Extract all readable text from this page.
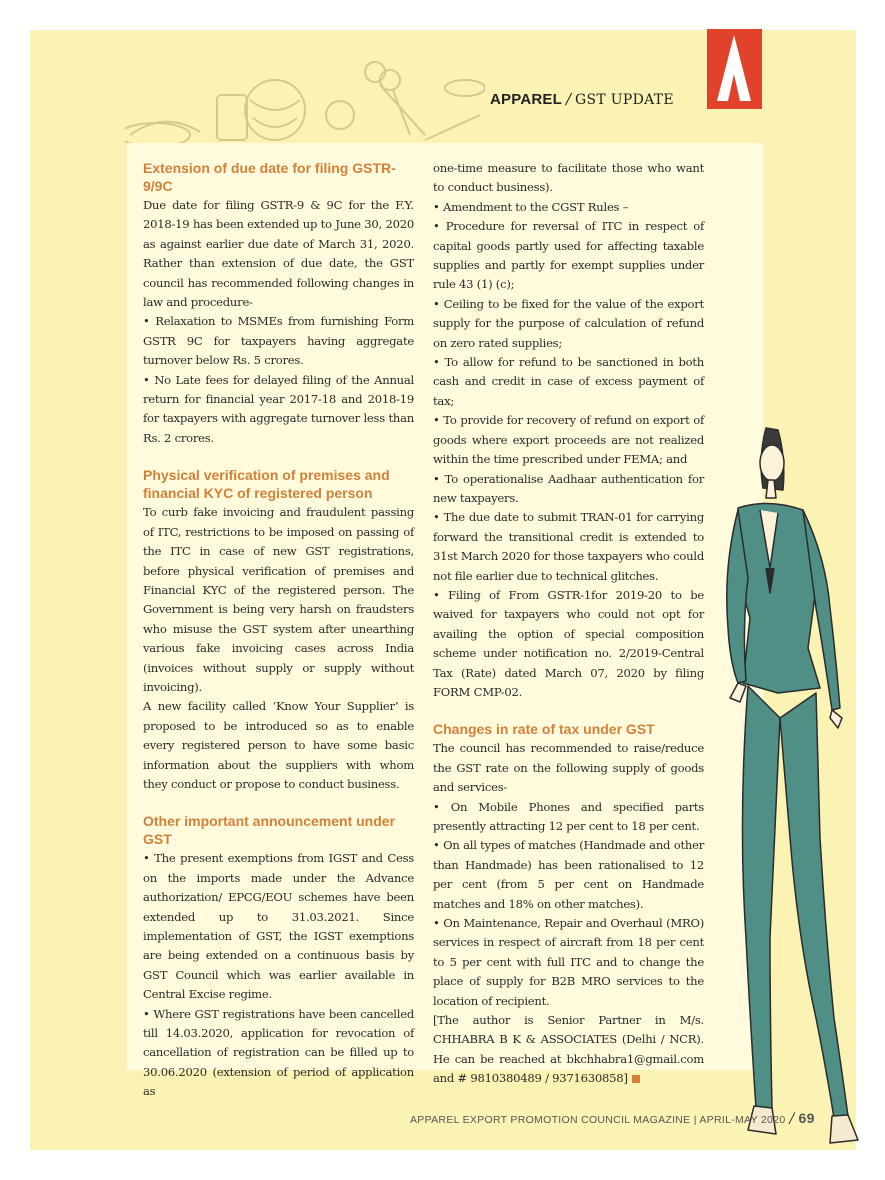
APPAREL / GST UPDATE
Extension of due date for filing GSTR-9/9C

Due date for filing GSTR-9 & 9C for the F.Y. 2018-19 has been extended up to June 30, 2020 as against earlier due date of March 31, 2020. Rather than extension of due date, the GST council has recommended following changes in law and procedure-

• Relaxation to MSMEs from furnishing Form GSTR 9C for taxpayers having aggregate turnover below Rs. 5 crores.

• No Late fees for delayed filing of the Annual return for financial year 2017-18 and 2018-19 for taxpayers with aggregate turnover less than Rs. 2 crores.

Physical verification of premises and financial KYC of registered person

To curb fake invoicing and fraudulent passing of ITC, restrictions to be imposed on passing of the ITC in case of new GST registrations, before physical verification of premises and Financial KYC of the registered person. The Government is being very harsh on fraudsters who misuse the GST system after unearthing various fake invoicing cases across India (invoices without supply or supply without invoicing).

A new facility called ‘Know Your Supplier’ is proposed to be introduced so as to enable every registered person to have some basic information about the suppliers with whom they conduct or propose to conduct business.

Other important announcement under GST

• The present exemptions from IGST and Cess on the imports made under the Advance authorization/ EPCG/EOU schemes have been extended up to 31.03.2021. Since implementation of GST, the IGST exemptions are being extended on a continuous basis by GST Council which was earlier available in Central Excise regime.

• Where GST registrations have been cancelled till 14.03.2020, application for revocation of cancellation of registration can be filled up to 30.06.2020 (extension of period of application as

one-time measure to facilitate those who want to conduct business).

• Amendment to the CGST Rules –

• Procedure for reversal of ITC in respect of capital goods partly used for affecting taxable supplies and partly for exempt supplies under rule 43 (1) (c);

• Ceiling to be fixed for the value of the export supply for the purpose of calculation of refund on zero rated supplies;

• To allow for refund to be sanctioned in both cash and credit in case of excess payment of tax;

• To provide for recovery of refund on export of goods where export proceeds are not realized within the time prescribed under FEMA; and

• To operationalise Aadhaar authentication for new taxpayers.

• The due date to submit TRAN-01 for carrying forward the transitional credit is extended to 31st March 2020 for those taxpayers who could not file earlier due to technical glitches.

• Filing of From GSTR-1for 2019-20 to be waived for taxpayers who could not opt for availing the option of special composition scheme under notification no. 2/2019-Central Tax (Rate) dated March 07, 2020 by filing FORM CMP-02.

Changes in rate of tax under GST

The council has recommended to raise/reduce the GST rate on the following supply of goods and services-

• On Mobile Phones and specified parts presently attracting 12 per cent to 18 per cent.

• On all types of matches (Handmade and other than Handmade) has been rationalised to 12 per cent (from 5 per cent on Handmade matches and 18% on other matches).

• On Maintenance, Repair and Overhaul (MRO) services in respect of aircraft from 18 per cent to 5 per cent with full ITC and to change the place of supply for B2B MRO services to the location of recipient.

[The author is Senior Partner in M/s. CHHABRA B K & ASSOCIATES (Delhi / NCR). He can be reached at bkchhabra1@gmail.com and # 9810380489 / 9371630858]

APPAREL EXPORT PROMOTION COUNCIL MAGAZINE | APRIL-MAY 2020 / 69
